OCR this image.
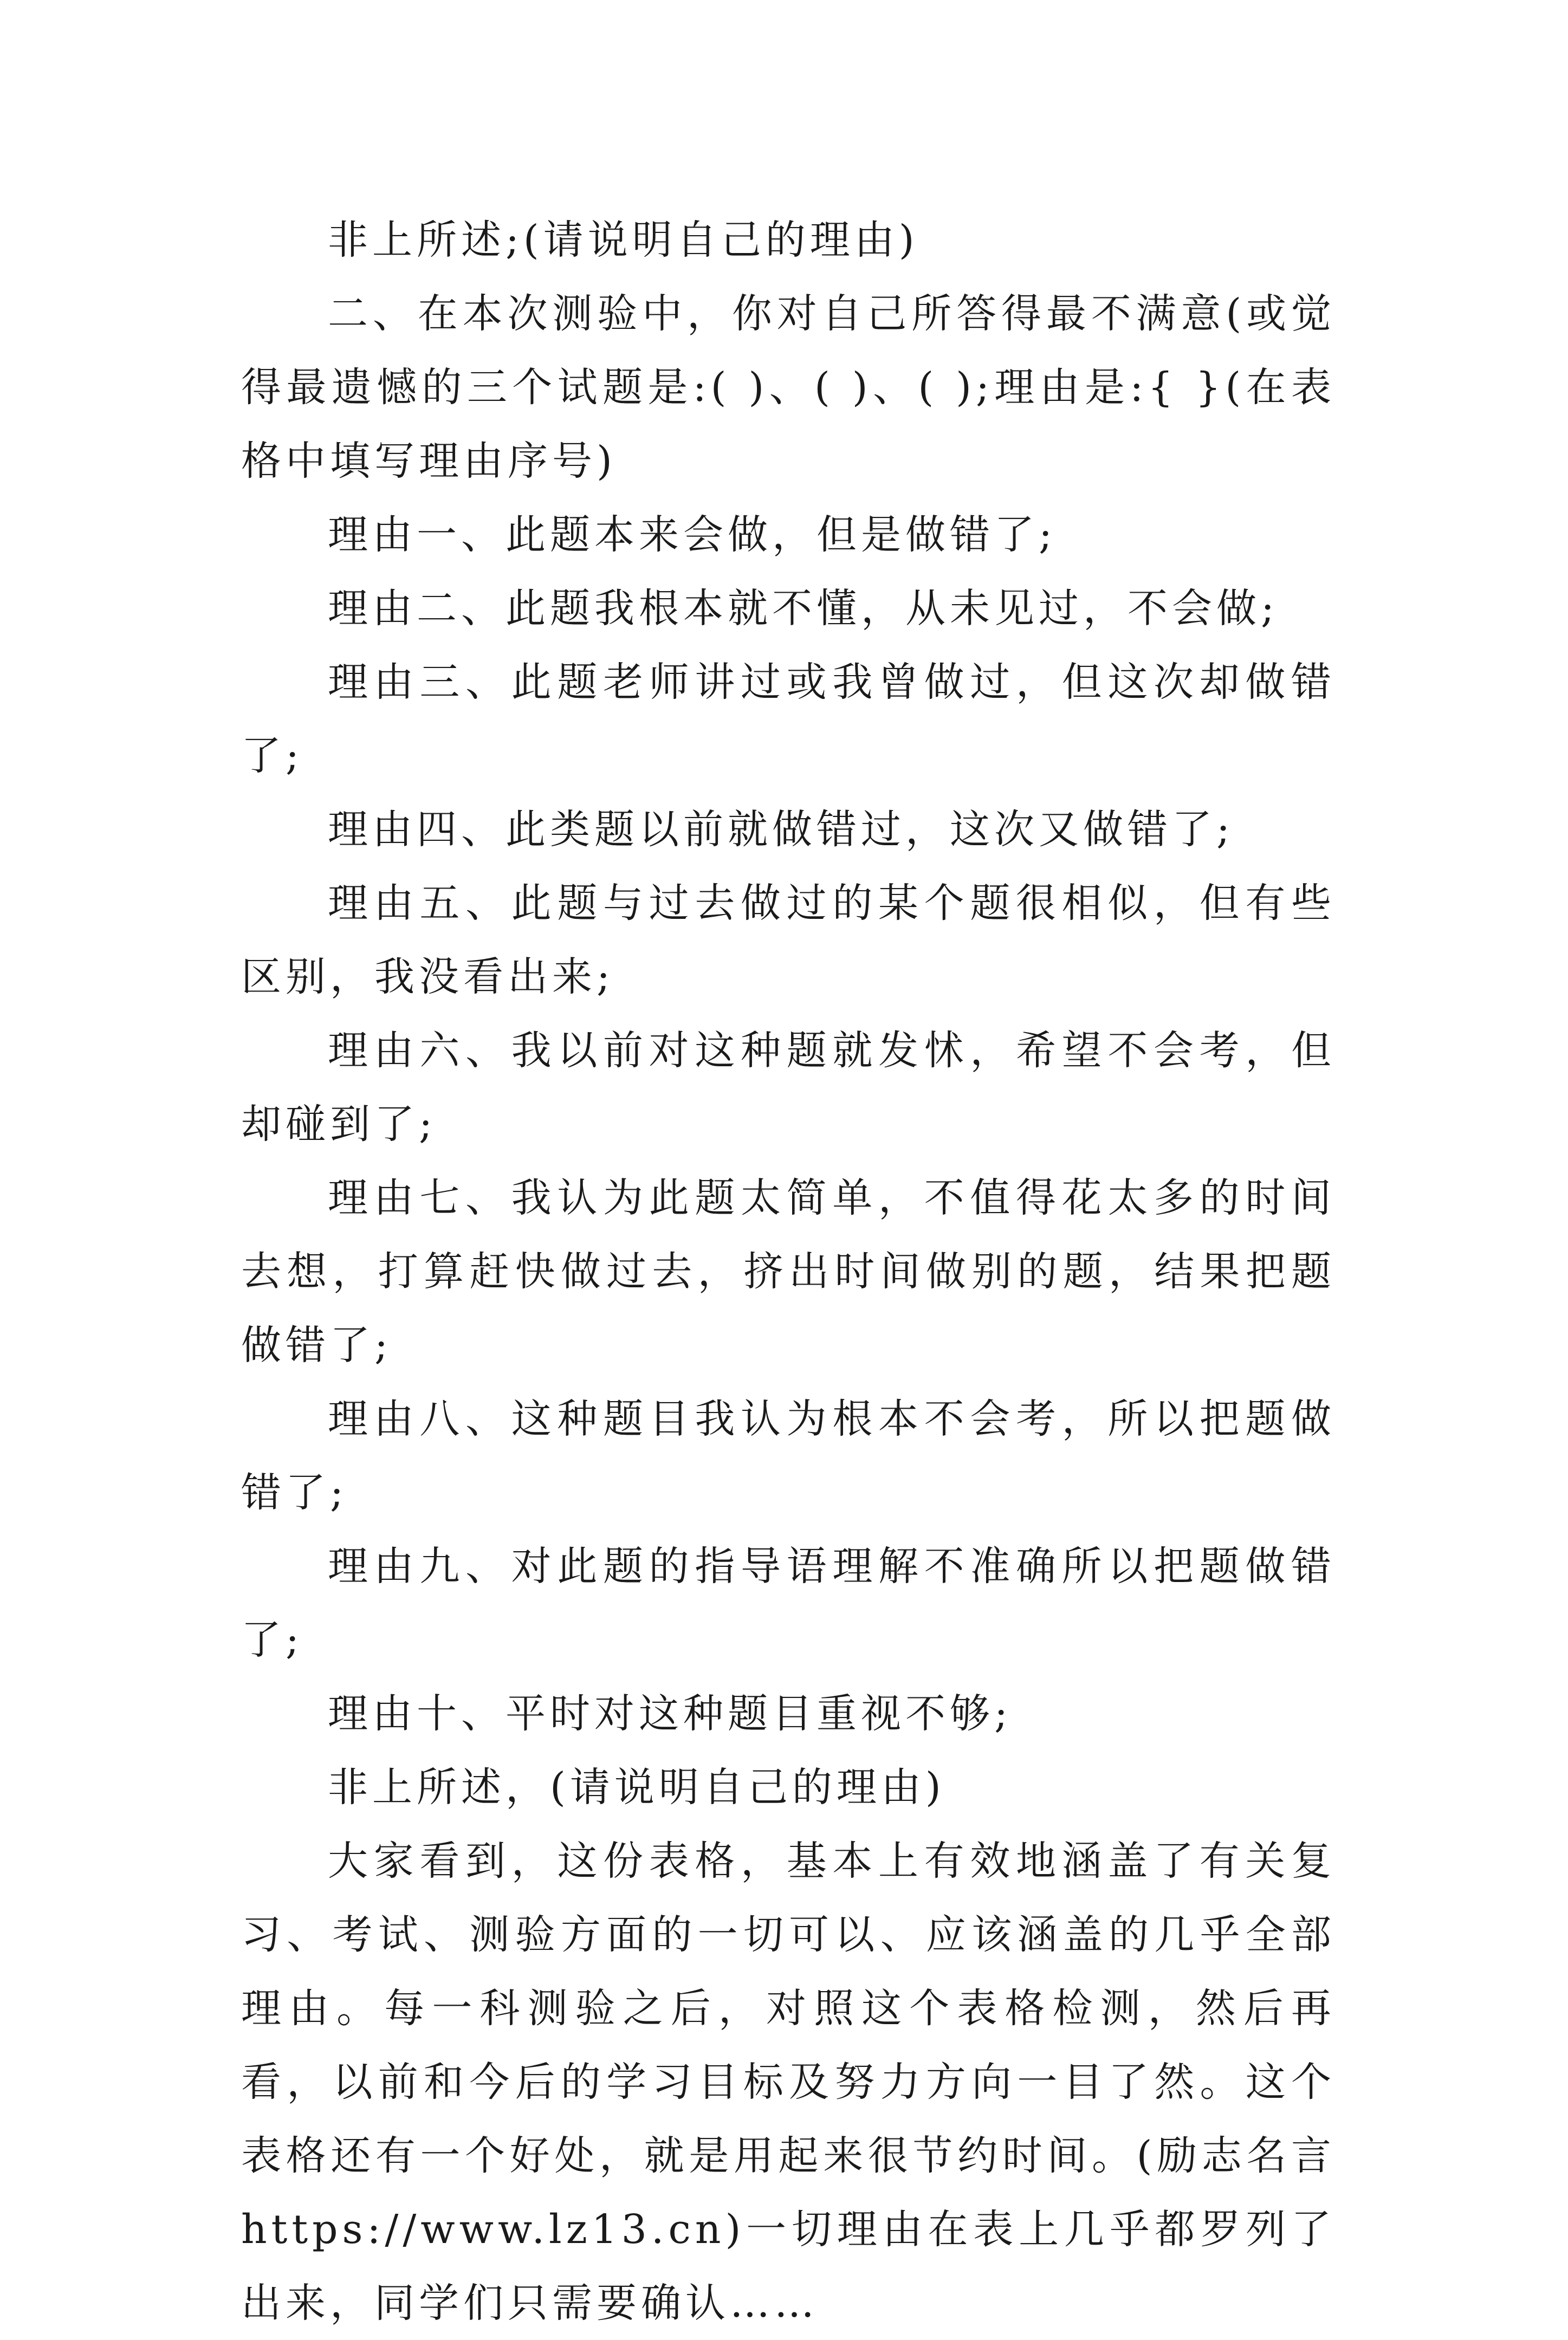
非上所述;(请说明自己的理由)

二、在本次测验中，你对自己所答得最不满意(或觉得最遗憾的三个试题是:( )、( )、( );理由是:{ }(在表格中填写理由序号)

理由一、此题本来会做，但是做错了;

理由二、此题我根本就不懂，从未见过，不会做;

理由三、此题老师讲过或我曾做过，但这次却做错了;

理由四、此类题以前就做错过，这次又做错了;

理由五、此题与过去做过的某个题很相似，但有些区别，我没看出来;

理由六、我以前对这种题就发怵，希望不会考，但却碰到了;

理由七、我认为此题太简单，不值得花太多的时间去想，打算赶快做过去，挤出时间做别的题，结果把题做错了;

理由八、这种题目我认为根本不会考，所以把题做错了;

理由九、对此题的指导语理解不准确所以把题做错了;

理由十、平时对这种题目重视不够;

非上所述，(请说明自己的理由)

大家看到，这份表格，基本上有效地涵盖了有关复习、考试、测验方面的一切可以、应该涵盖的几乎全部理由。每一科测验之后，对照这个表格检测，然后再看，以前和今后的学习目标及努力方向一目了然。这个表格还有一个好处，就是用起来很节约时间。(励志名言 https://www.lz13.cn)一切理由在表上几乎都罗列了出来，同学们只需要确认……
